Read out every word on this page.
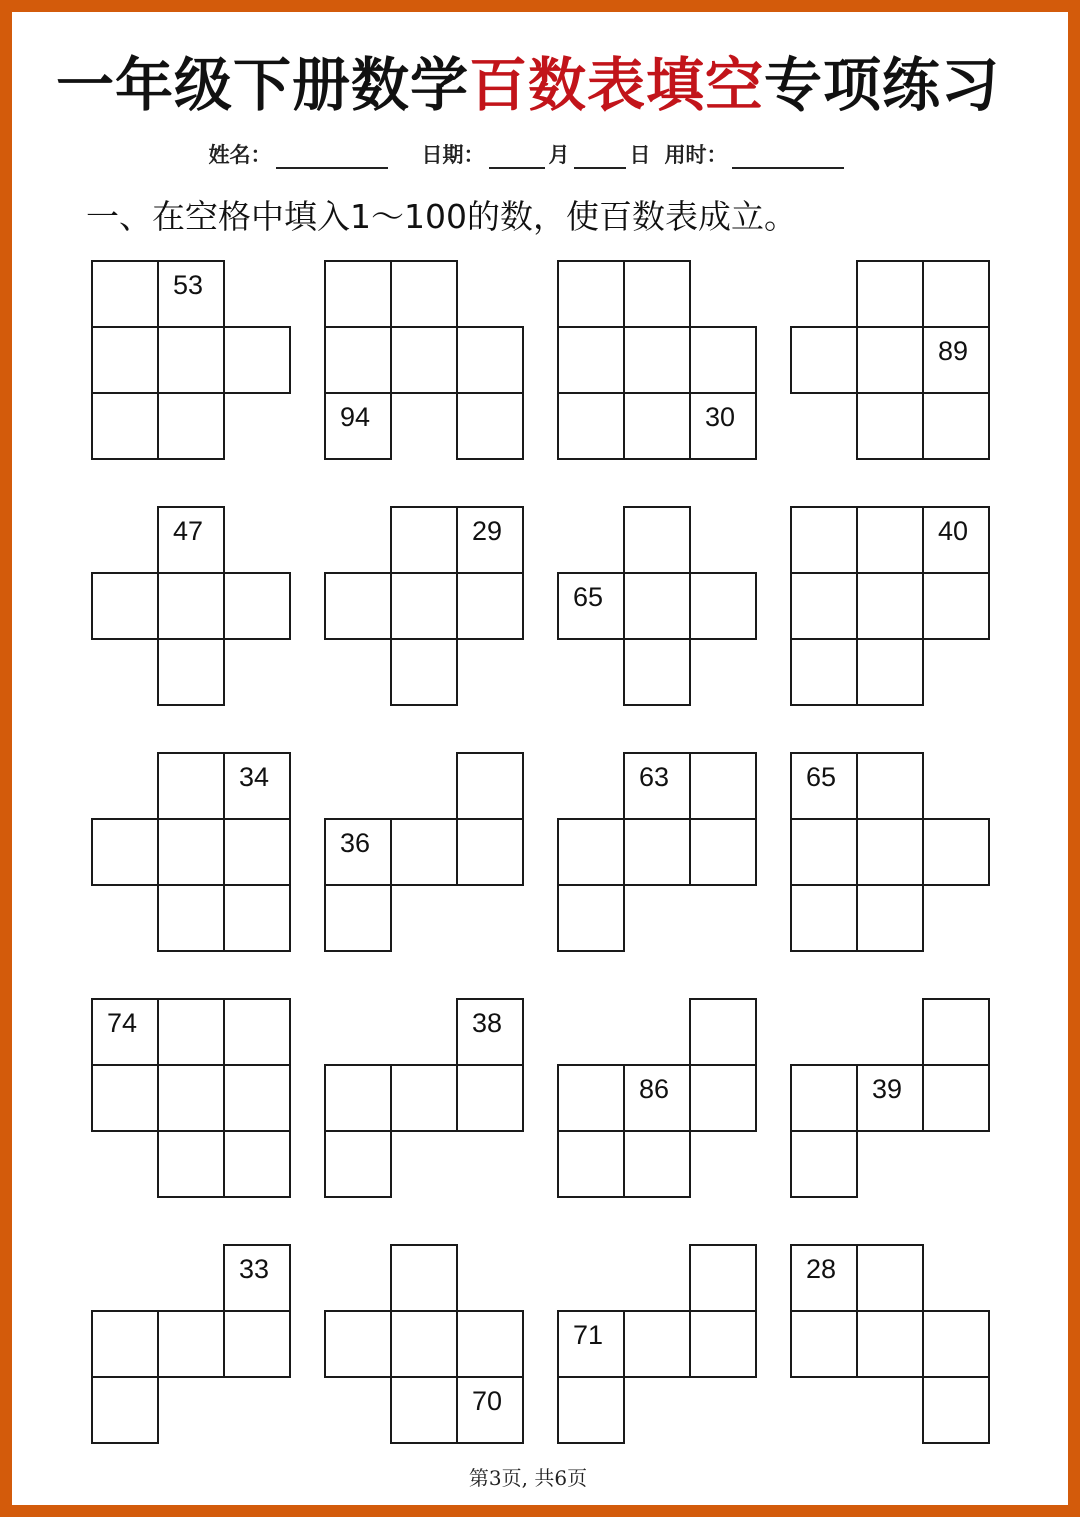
一年级下册数学百数表填空专项练习
姓名：	日期：	月	日 用时：
一、在空格中填入1～100的数，使百数表成立。
53
94	30
89
47	29
65
40
34
36
63	65
74	38
86	39
33
70
71
28
第3页, 共6页
